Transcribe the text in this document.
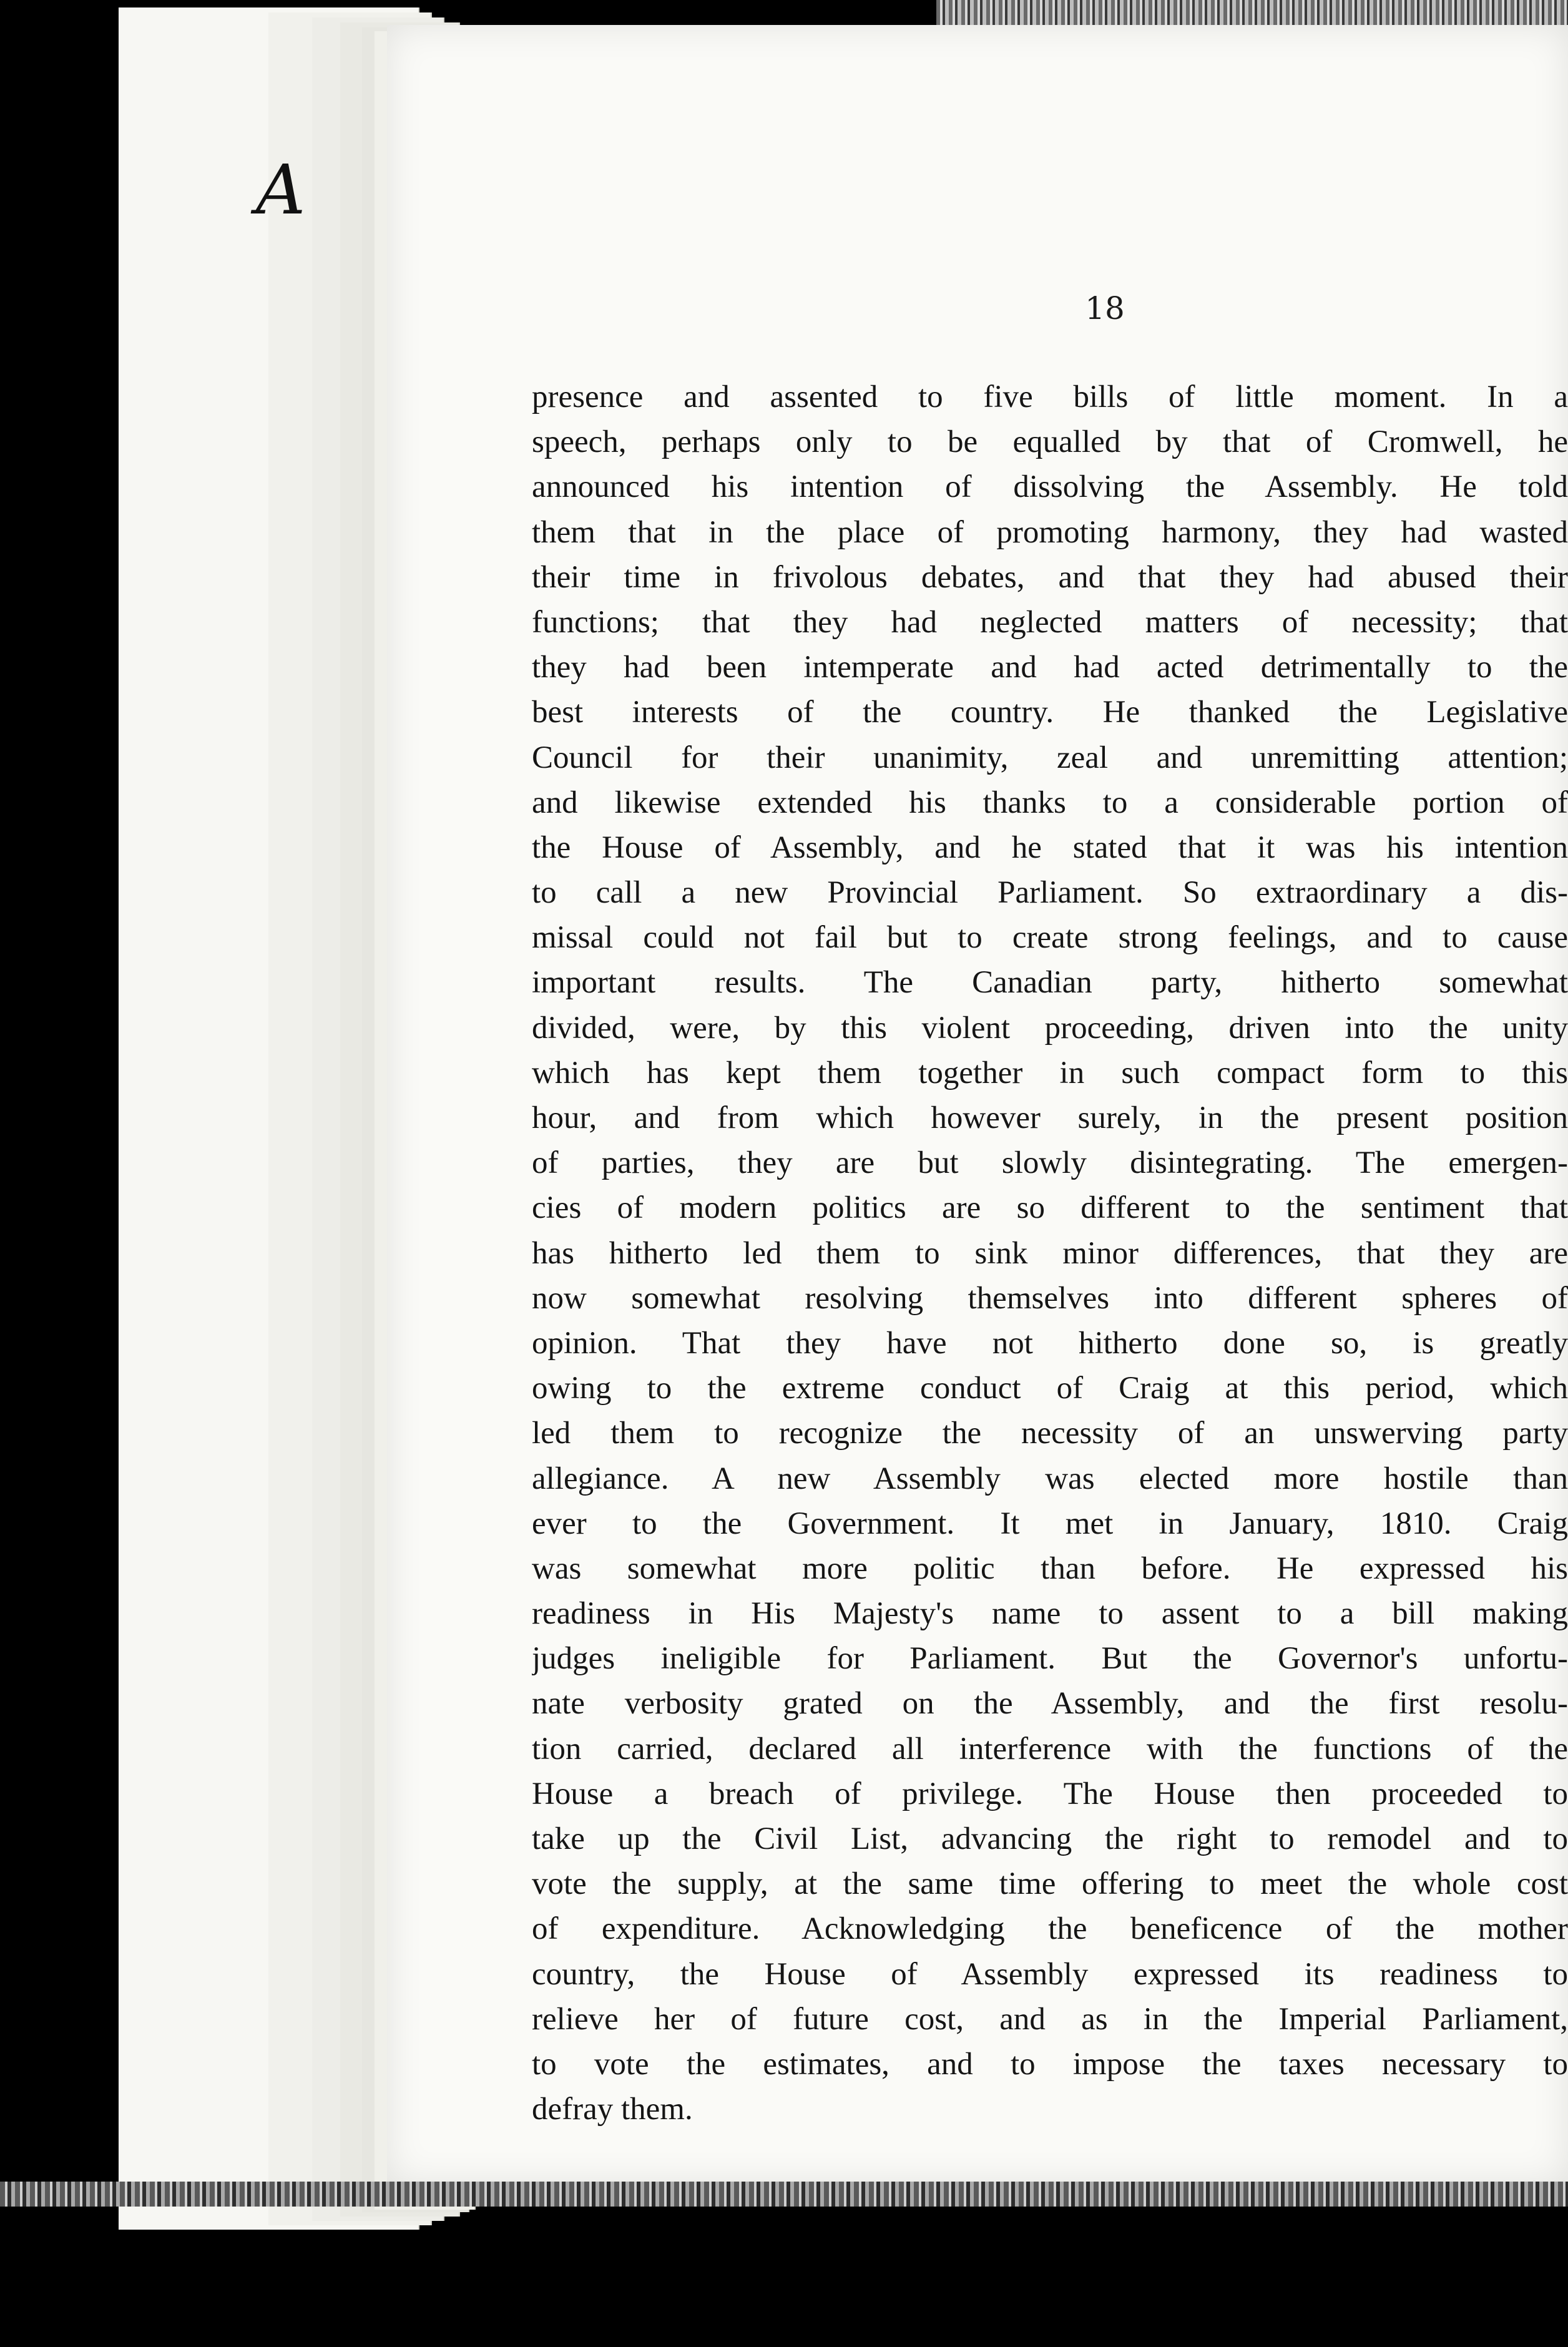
A
18
presence and assented to five bills of little moment. In a
speech, perhaps only to be equalled by that of Cromwell, he
announced his intention of dissolving the Assembly. He told
them that in the place of promoting harmony, they had wasted
their time in frivolous debates, and that they had abused their
functions; that they had neglected matters of necessity; that
they had been intemperate and had acted detrimentally to the
best interests of the country. He thanked the Legislative
Council for their unanimity, zeal and unremitting attention;
and likewise extended his thanks to a considerable portion of
the House of Assembly, and he stated that it was his intention
to call a new Provincial Parliament. So extraordinary a dis-
missal could not fail but to create strong feelings, and to cause
important results. The Canadian party, hitherto somewhat
divided, were, by this violent proceeding, driven into the unity
which has kept them together in such compact form to this
hour, and from which however surely, in the present position
of parties, they are but slowly disintegrating. The emergen-
cies of modern politics are so different to the sentiment that
has hitherto led them to sink minor differences, that they are
now somewhat resolving themselves into different spheres of
opinion. That they have not hitherto done so, is greatly
owing to the extreme conduct of Craig at this period, which
led them to recognize the necessity of an unswerving party
allegiance. A new Assembly was elected more hostile than
ever to the Government. It met in January, 1810. Craig
was somewhat more politic than before. He expressed his
readiness in His Majesty's name to assent to a bill making
judges ineligible for Parliament. But the Governor's unfortu-
nate verbosity grated on the Assembly, and the first resolu-
tion carried, declared all interference with the functions of the
House a breach of privilege. The House then proceeded to
take up the Civil List, advancing the right to remodel and to
vote the supply, at the same time offering to meet the whole cost
of expenditure. Acknowledging the beneficence of the mother
country, the House of Assembly expressed its readiness to
relieve her of future cost, and as in the Imperial Parliament,
to vote the estimates, and to impose the taxes necessary to
defray them.
